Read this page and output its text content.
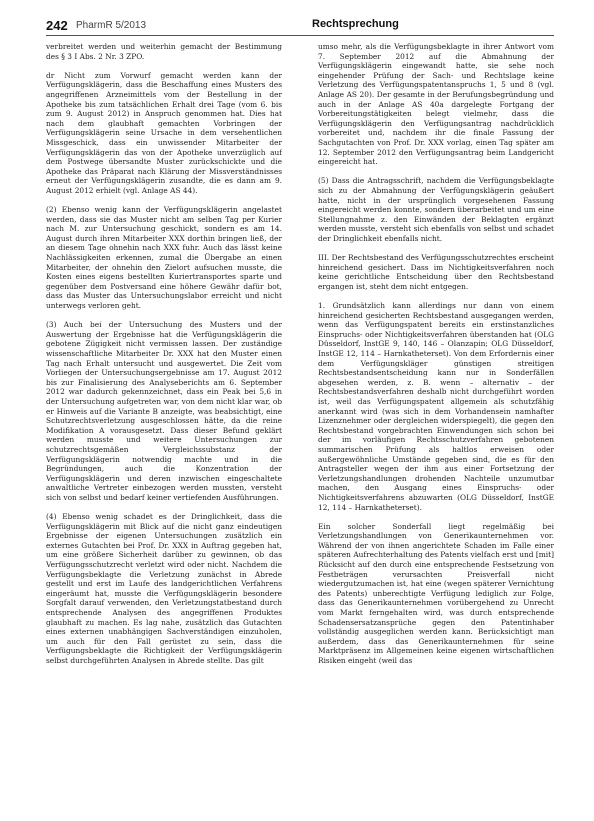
242 PharmR 5/2013	Rechtsprechung

verbreitet werden und weiterhin gemacht der Bestimmung des § 3 I Abs. 2 Nr. 3 ZPO.

dr Nicht zum Vorwurf gemacht werden kann der Verfügungsklägerin, dass die Beschaffung eines Musters des angegriffenen Arzneimittels vom der Bestellung in der Apotheke bis zum tatsächlichen Erhalt drei Tage (vom 6. bis zum 9. August 2012) in Anspruch genommen hat. Dies hat nach dem glaubhaft gemachten Vorbringen der Verfügungsklägerin seine Ursache in dem versehentlichen Missgeschick, dass ein unwissender Mitarbeiter der Verfügungsklägerin das von der Apotheke unverzüglich auf dem Postwege übersandte Muster zurückschickte und die Apotheke das Präparat nach Klärung der Missverständnisses erneut der Verfügungsklägerin zusandte, die es dann am 9. August 2012 erhielt (vgl. Anlage AS 44).

(2) Ebenso wenig kann der Verfügungsklägerin angelastet werden, dass sie das Muster nicht am selben Tag per Kurier nach M. zur Untersuchung geschickt, sondern es am 14. August durch ihren Mitarbeiter XXX dorthin bringen ließ, der an diesem Tage ohnehin nach XXX fuhr. Auch das lässt keine Nachlässigkeiten erkennen, zumal die Übergabe an einen Mitarbeiter, der ohnehin den Zielort aufsuchen musste, die Kosten eines eigens bestellten Kuriertransportes sparte und gegenüber dem Postversand eine höhere Gewähr dafür bot, dass das Muster das Untersuchungslabor erreicht und nicht unterwegs verloren geht.

(3) Auch bei der Untersuchung des Musters und der Auswertung der Ergebnisse hat die Verfügungsklägerin die gebotene Zügigkeit nicht vermissen lassen. Der zuständige wissenschaftliche Mitarbeiter Dr. XXX hat den Muster einen Tag nach Erhalt untersucht und ausgewertet. Die Zeit vom Vorliegen der Untersuchungsergebnisse am 17. August 2012 bis zur Finalisierung des Analyseberichts am 6. September 2012 war dadurch gekennzeichnet, dass ein Peak bei 5,6 in der Untersuchung aufgetreten war, von dem nicht klar war, ob er Hinweis auf die Variante B anzeigte, was beabsichtigt, eine Schutzrechtsverletzung ausgeschlossen hätte, da die reine Modifikation A vorausgesetzt. Dass dieser Befund geklärt werden musste und weitere Untersuchungen zur schutzrechtsgemäßen Vergleichssubstanz der Verfügungsklägerin notwendig machte und in die Begründungen, auch die Konzentration der Verfügungsklägerin und deren inzwischen eingeschaltete anwaltliche Vertreter einbezogen werden mussten, versteht sich von selbst und bedarf keiner vertiefenden Ausführungen.

(4) Ebenso wenig schadet es der Dringlichkeit, dass die Verfügungsklägerin mit Blick auf die nicht ganz eindeutigen Ergebnisse der eigenen Untersuchungen zusätzlich ein externes Gutachten bei Prof. Dr. XXX in Auftrag gegeben hat, um eine größere Sicherheit darüber zu gewinnen, ob das Verfügungsschutzrecht verletzt wird oder nicht. Nachdem die Verfügungsbeklagte die Verletzung zunächst in Abrede gestellt und erst im Laufe des landgerichtlichen Verfahrens eingeräumt hat, musste die Verfügungsklägerin besondere Sorgfalt darauf verwenden, den Verletzungstatbestand durch entsprechende Analysen des angegriffenen Produktes glaubhaft zu machen. Es lag nahe, zusätzlich das Gutachten eines externen unabhängigen Sachverständigen einzuholen, um auch für den Fall gerüstet zu sein, dass die Verfügungsbeklagte die Richtigkeit der Verfügungsklägerin selbst durchgeführten Analysen in Abrede stellte. Das gilt

umso mehr, als die Verfügungsbeklagte in ihrer Antwort vom 7. September 2012 auf die Abmahnung der Verfügungsklägerin eingewandt hatte, sie sehe noch eingehender Prüfung der Sach- und Rechtslage keine Verletzung des Verfügungspatentanspruchs 1, 5 und 8 (vgl. Anlage AS 20). Der gesamte in der Berufungsbegründung und auch in der Anlage AS 40a dargelegte Fortgang der Vorbereitungstätigkeiten belegt vielmehr, dass die Verfügungsklägerin den Verfügungsantrag nachdrücklich vorbereitet und, nachdem ihr die finale Fassung der Sachgutachten von Prof. Dr. XXX vorlag, einen Tag später am 12. September 2012 den Verfügungsantrag beim Landgericht eingereicht hat.

(5) Dass die Antragsschrift, nachdem die Verfügungsbeklagte sich zu der Abmahnung der Verfügungsklägerin geäußert hatte, nicht in der ursprünglich vorgesehenen Fassung eingereicht werden konnte, sondern überarbeitet und um eine Stellungnahme z. den Einwänden der Beklagten ergänzt werden musste, versteht sich ebenfalls von selbst und schadet der Dringlichkeit ebenfalls nicht.

III. Der Rechtsbestand des Verfügungsschutzrechtes erscheint hinreichend gesichert. Dass im Nichtigkeitsverfahren noch keine gerichtliche Entscheidung über den Rechtsbestand ergangen ist, steht dem nicht entgegen.

1. Grundsätzlich kann allerdings nur dann von einem hinreichend gesicherten Rechtsbestand ausgegangen werden, wenn das Verfügungspatent bereits ein erstinstanzliches Einspruchs- oder Nichtigkeitsverfahren überstanden hat (OLG Düsseldorf, InstGE 9, 140, 146 – Olanzapin; OLG Düsseldorf, InstGE 12, 114 – Harnkatheterset). Von dem Erfordernis einer dem Verfügungskläger günstigen streitigen Rechtsbestandsentscheidung kann nur in Sonderfällen abgesehen werden, z. B. wenn – alternativ – der Rechtsbestandsverfahren deshalb nicht durchgeführt worden ist, weil das Verfügungspatent allgemein als schutzfähig anerkannt wird (was sich in dem Vorhandensein namhafter Lizenznehmer oder dergleichen widerspiegelt), die gegen den Rechtsbestand vorgebrachten Einwendungen sich schon bei der im vorläufigen Rechtsschutzverfahren gebotenen summarischen Prüfung als haltlos erweisen oder außergewöhnliche Umstände gegeben sind, die es für den Antragsteller wegen der ihm aus einer Fortsetzung der Verletzungshandlungen drohenden Nachteile unzumutbar machen, den Ausgang eines Einspruchs- oder Nichtigkeitsverfahrens abzuwarten (OLG Düsseldorf, InstGE 12, 114 – Harnkatheterset).

Ein solcher Sonderfall liegt regelmäßig bei Verletzungshandlungen von Generikaunternehmen vor. Während der von ihnen angerichtete Schaden im Falle einer späteren Aufrechterhaltung des Patents vielfach erst und [mit] Rücksicht auf den durch eine entsprechende Festsetzung von Festbeträgen verursachten Preisverfall nicht wiedergutzumachen ist, hat eine (wegen späterer Vernichtung des Patents) unberechtigte Verfügung lediglich zur Folge, dass das Generikaunternehmen vorübergehend zu Unrecht vom Markt ferngehalten wird, was durch entsprechende Schadensersatzansprüche gegen den Patentinhaber vollständig ausgeglichen werden kann. Berücksichtigt man außerdem, dass das Generikaunternehmen für seine Marktpräsenz im Allgemeinen keine eigenen wirtschaftlichen Risiken eingeht (weil das
